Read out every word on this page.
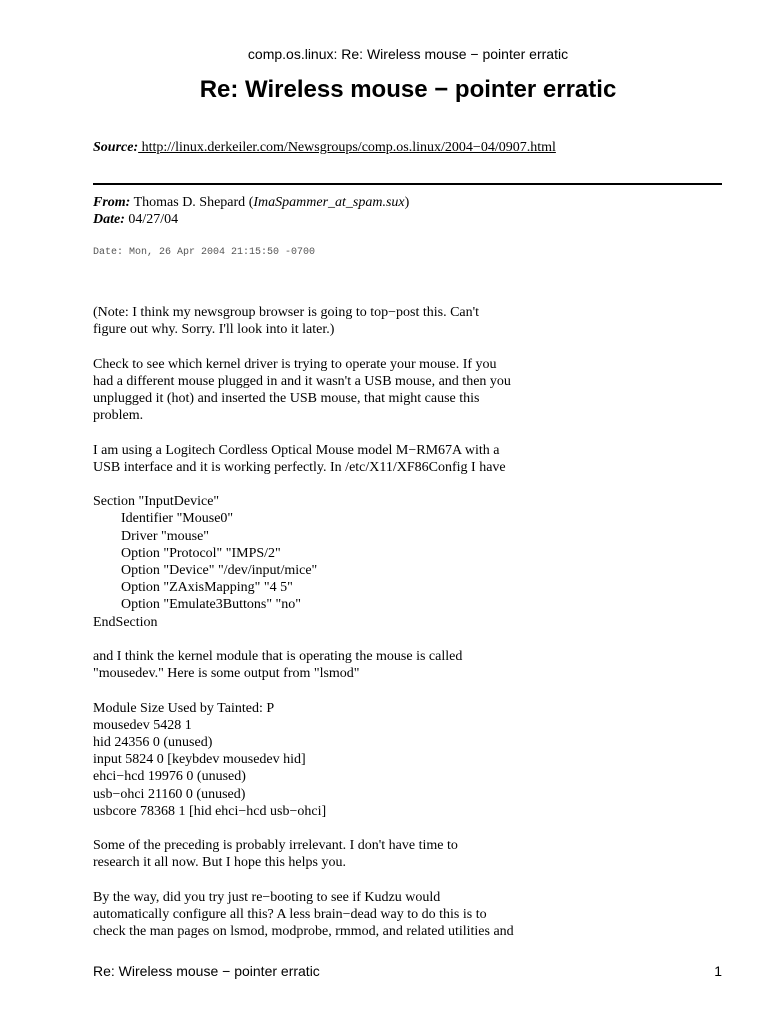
comp.os.linux: Re: Wireless mouse − pointer erratic
Re: Wireless mouse − pointer erratic
Source: http://linux.derkeiler.com/Newsgroups/comp.os.linux/2004−04/0907.html
From: Thomas D. Shepard (ImaSpammer_at_spam.sux)
Date: 04/27/04
Date: Mon, 26 Apr 2004 21:15:50 -0700

(Note: I think my newsgroup browser is going to top−post this. Can't
figure out why. Sorry. I'll look into it later.)

Check to see which kernel driver is trying to operate your mouse. If you
had a different mouse plugged in and it wasn't a USB mouse, and then you
unplugged it (hot) and inserted the USB mouse, that might cause this
problem.

I am using a Logitech Cordless Optical Mouse model M−RM67A with a
USB interface and it is working perfectly. In /etc/X11/XF86Config I have

Section "InputDevice"
Identifier "Mouse0"
Driver "mouse"
Option "Protocol" "IMPS/2"
Option "Device" "/dev/input/mice"
Option "ZAxisMapping" "4 5"
Option "Emulate3Buttons" "no"
EndSection

and I think the kernel module that is operating the mouse is called
"mousedev." Here is some output from "lsmod"

Module Size Used by Tainted: P
mousedev 5428 1
hid 24356 0 (unused)
input 5824 0 [keybdev mousedev hid]
ehci−hcd 19976 0 (unused)
usb−ohci 21160 0 (unused)
usbcore 78368 1 [hid ehci−hcd usb−ohci]

Some of the preceding is probably irrelevant. I don't have time to
research it all now. But I hope this helps you.

By the way, did you try just re−booting to see if Kudzu would
automatically configure all this? A less brain−dead way to do this is to
check the man pages on lsmod, modprobe, rmmod, and related utilities and

Re: Wireless mouse − pointer erratic	1
